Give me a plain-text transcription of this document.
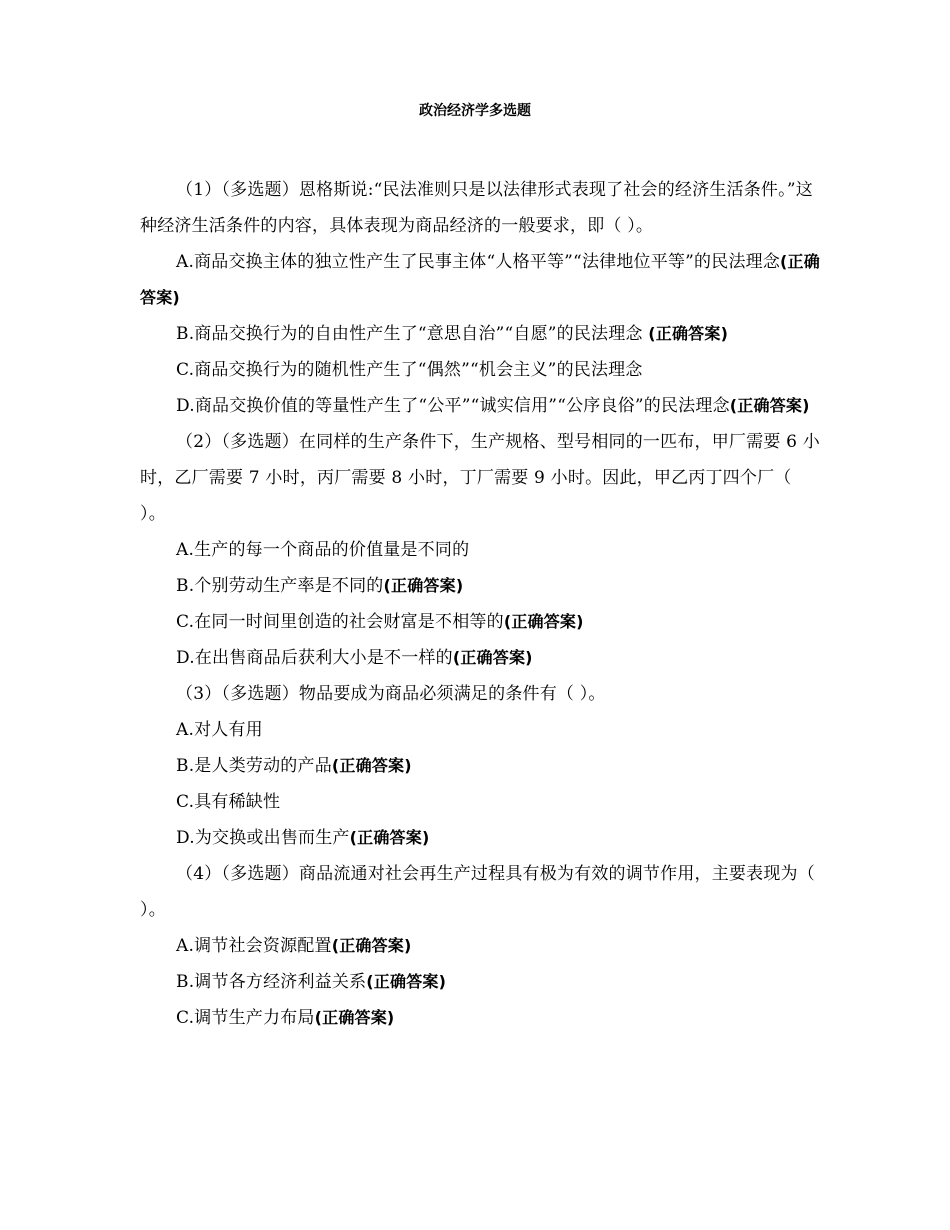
政治经济学多选题

（1）（多选题）恩格斯说:“民法准则只是以法律形式表现了社会的经济生活条件。”这种经济生活条件的内容，具体表现为商品经济的一般要求，即（ ）。

A.商品交换主体的独立性产生了民事主体“人格平等”“法律地位平等”的民法理念(正确答案)

B.商品交换行为的自由性产生了“意思自治”“自愿”的民法理念 (正确答案)

C.商品交换行为的随机性产生了“偶然”“机会主义”的民法理念

D.商品交换价值的等量性产生了“公平”“诚实信用”“公序良俗”的民法理念(正确答案)

（2）（多选题）在同样的生产条件下，生产规格、型号相同的一匹布，甲厂需要 6 小时，乙厂需要 7 小时，丙厂需要 8 小时，丁厂需要 9 小时。因此，甲乙丙丁四个厂（ ）。

A.生产的每一个商品的价值量是不同的

B.个别劳动生产率是不同的(正确答案)

C.在同一时间里创造的社会财富是不相等的(正确答案)

D.在出售商品后获利大小是不一样的(正确答案)

（3）（多选题）物品要成为商品必须满足的条件有（ ）。

A.对人有用

B.是人类劳动的产品(正确答案)

C.具有稀缺性

D.为交换或出售而生产(正确答案)

（4）（多选题）商品流通对社会再生产过程具有极为有效的调节作用，主要表现为（ ）。

A.调节社会资源配置(正确答案)

B.调节各方经济利益关系(正确答案)

C.调节生产力布局(正确答案)
